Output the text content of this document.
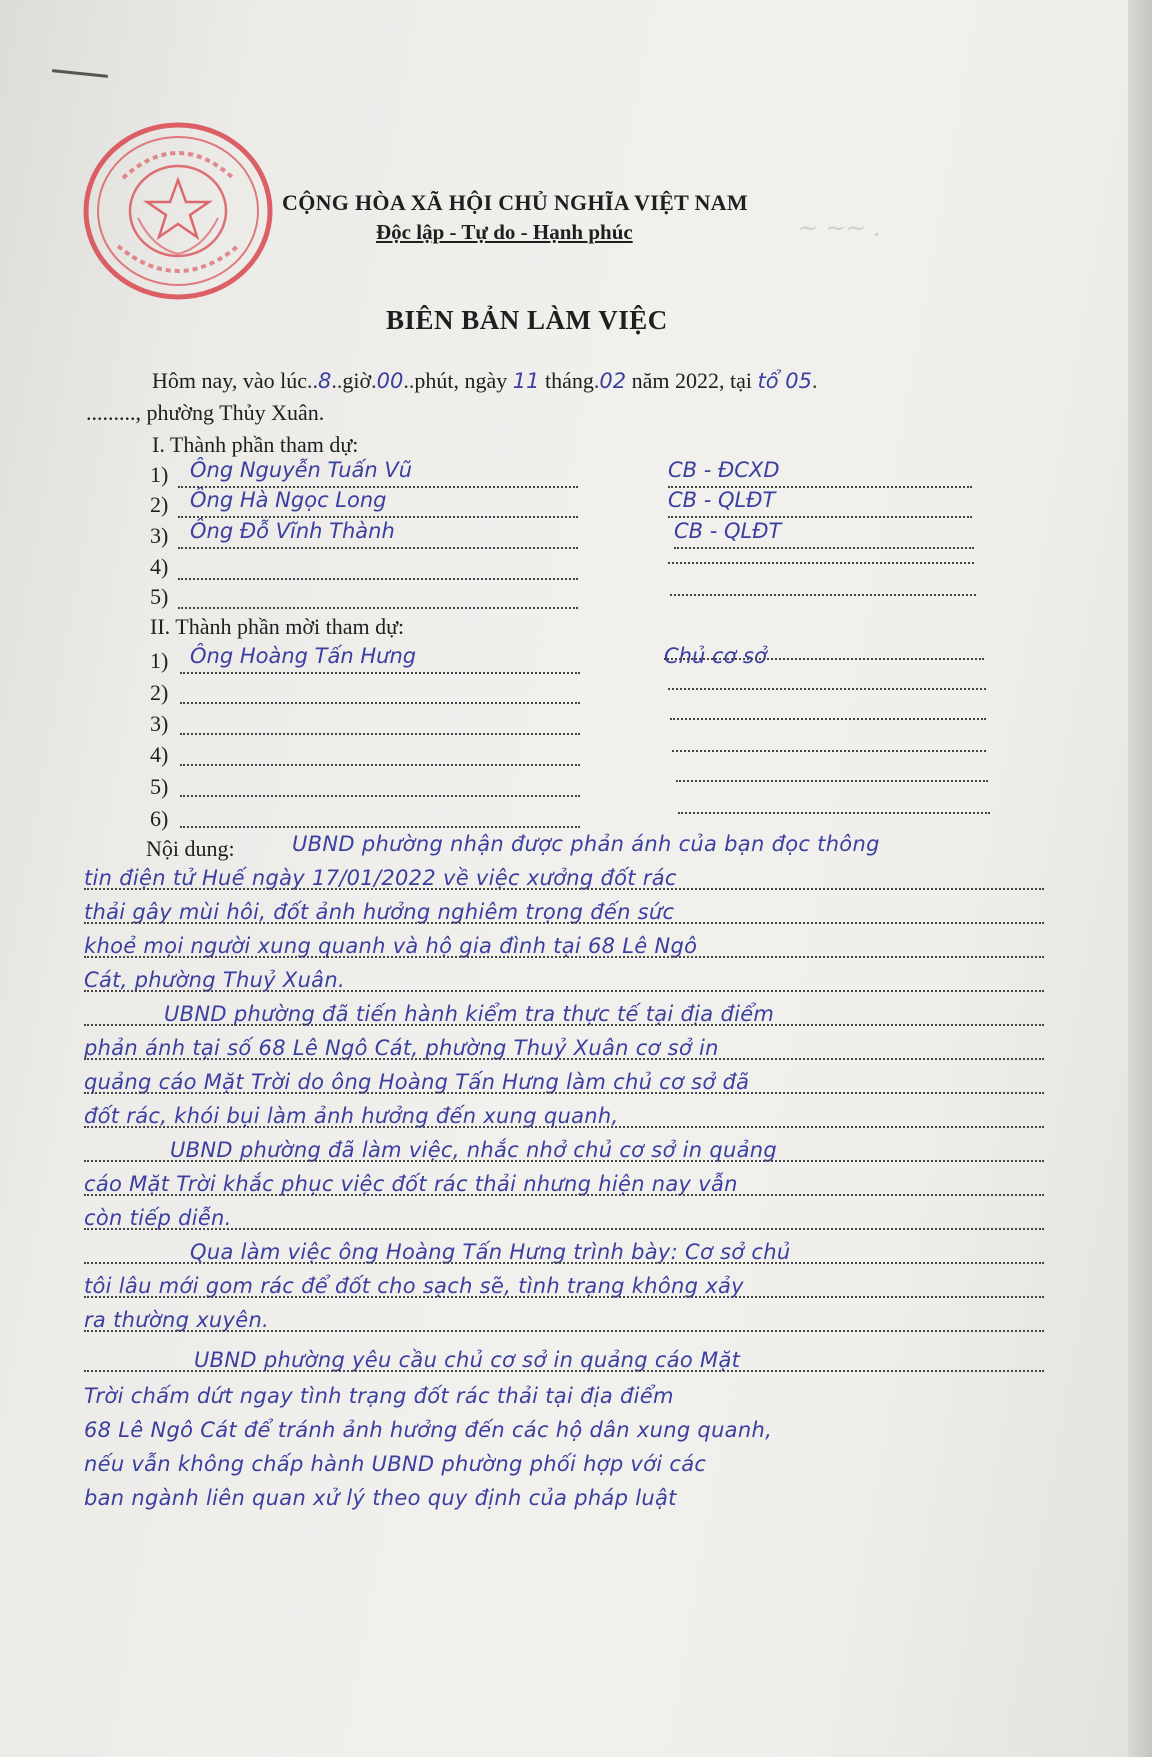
~ ~~ .
CỘNG HÒA XÃ HỘI CHỦ NGHĨA VIỆT NAM
Độc lập - Tự do - Hạnh phúc
BIÊN BẢN LÀM VIỆC
Hôm nay, vào lúc..8..giờ.00..phút, ngày 11 tháng.02 năm 2022, tại tổ 05.
........., phường Thủy Xuân.
I. Thành phần tham dự:
1) Ông Nguyễn Tuấn Vũ	CB - ĐCXD
2) Ông Hà Ngọc Long	CB - QLĐT
3) Ông Đỗ Vĩnh Thành	CB - QLĐT
4)
5)
II. Thành phần mời tham dự:
1) Ông Hoàng Tấn Hưng	Chủ cơ sở
2)
3)
4)
5)
6)
Nội dung:	UBND phường nhận được phản ánh của bạn đọc thông
tin điện tử Huế ngày 17/01/2022 về việc xưởng đốt rác
thải gây mùi hôi, đốt ảnh hưởng nghiêm trọng đến sức
khoẻ mọi người xung quanh và hộ gia đình tại 68 Lê Ngô
Cát, phường Thuỷ Xuân.
UBND phường đã tiến hành kiểm tra thực tế tại địa điểm
phản ánh tại số 68 Lê Ngô Cát, phường Thuỷ Xuân cơ sở in
quảng cáo Mặt Trời do ông Hoàng Tấn Hưng làm chủ cơ sở đã
đốt rác, khói bụi làm ảnh hưởng đến xung quanh,
UBND phường đã làm việc, nhắc nhở chủ cơ sở in quảng
cáo Mặt Trời khắc phục việc đốt rác thải nhưng hiện nay vẫn
còn tiếp diễn.
Qua làm việc ông Hoàng Tấn Hưng trình bày: Cơ sở chủ
tôi lâu mới gom rác để đốt cho sạch sẽ, tình trạng không xảy
ra thường xuyên.
UBND phường yêu cầu chủ cơ sở in quảng cáo Mặt
Trời chấm dứt ngay tình trạng đốt rác thải tại địa điểm
68 Lê Ngô Cát để tránh ảnh hưởng đến các hộ dân xung quanh,
nếu vẫn không chấp hành UBND phường phối hợp với các
ban ngành liên quan xử lý theo quy định của pháp luật
